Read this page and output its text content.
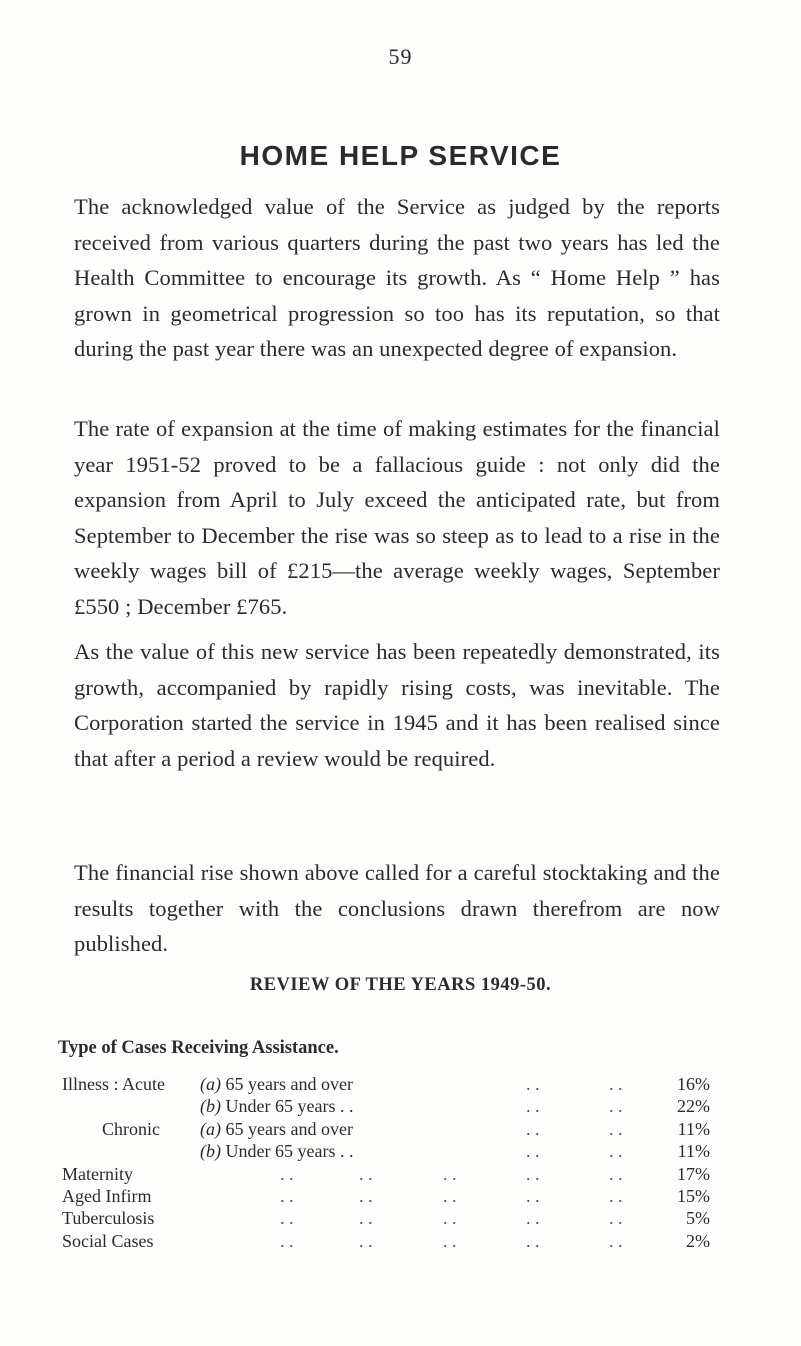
59
HOME HELP SERVICE

The acknowledged value of the Service as judged by the reports received from various quarters during the past two years has led the Health Committee to encourage its growth. As “ Home Help ” has grown in geometrical progression so too has its reputation, so that during the past year there was an unexpected degree of expansion.

The rate of expansion at the time of making estimates for the financial year 1951-52 proved to be a fallacious guide : not only did the expansion from April to July exceed the anticipated rate, but from September to December the rise was so steep as to lead to a rise in the weekly wages bill of £215—the average weekly wages, September £550 ; December £765.

As the value of this new service has been repeatedly demonstrated, its growth, accompanied by rapidly rising costs, was inevitable. The Corporation started the service in 1945 and it has been realised since that after a period a review would be required.

The financial rise shown above called for a careful stocktaking and the results together with the conclusions drawn therefrom are now published.

REVIEW OF THE YEARS 1949-50.
Type of Cases Receiving Assistance.
Illness : Acute (a) 65 years and over	. .	. .	16%
(b) Under 65 years . .	. .	. .	22%
Chronic (a) 65 years and over	. .	. .	11%
(b) Under 65 years . .	. .	. .	11%
Maternity	. .	. .	. .	. .	. .	17%
Aged Infirm	. .	. .	. .	. .	. .	15%
Tuberculosis	. .	. .	. .	. .	. .	5%
Social Cases	. .	. .	. .	. .	. .	2%
